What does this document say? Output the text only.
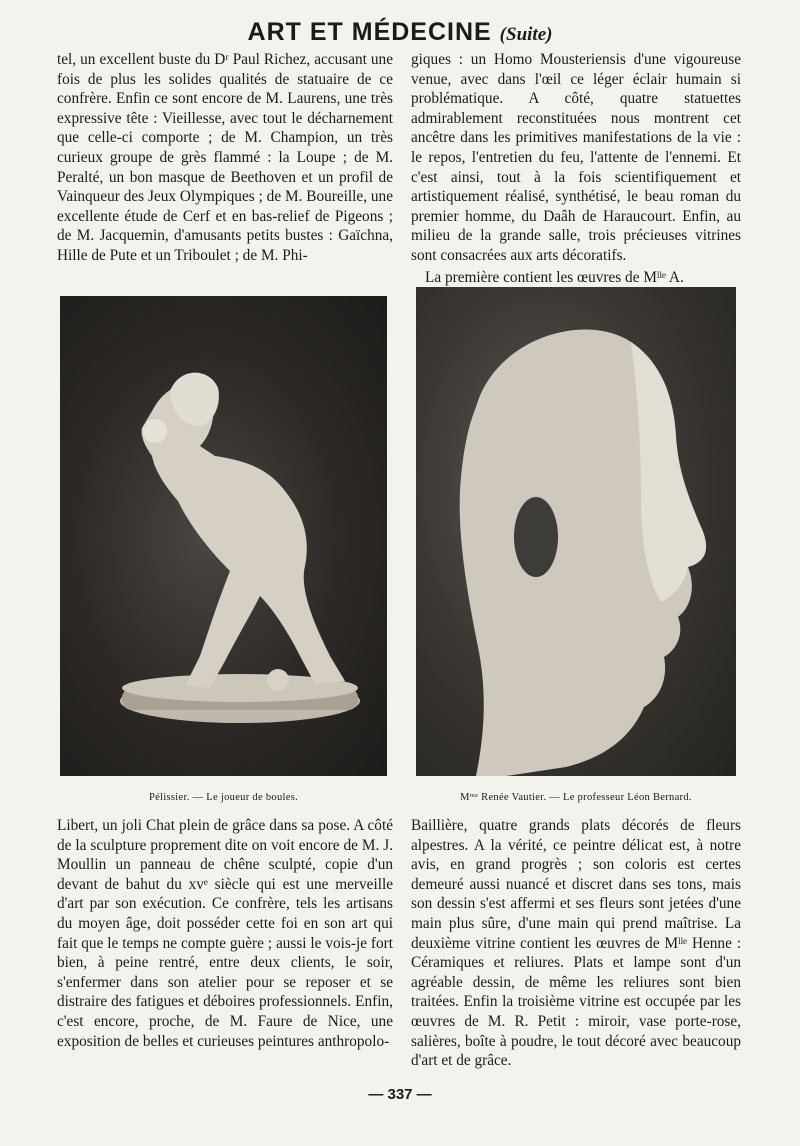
ART ET MÉDECINE (Suite)

tel, un excellent buste du Dʳ Paul Richez, accusant une fois de plus les solides qualités de statuaire de ce confrère. Enfin ce sont encore de M. Laurens, une très expressive tête : Vieillesse, avec tout le décharnement que celle-ci comporte ; de M. Champion, un très curieux groupe de grès flammé : la Loupe ; de M. Peralté, un bon masque de Beethoven et un profil de Vainqueur des Jeux Olympiques ; de M. Boureille, une excellente étude de Cerf et en bas-relief de Pigeons ; de M. Jacquemin, d'amusants petits bustes : Gaïchna, Hille de Pute et un Triboulet ; de M. Phi-

giques : un Homo Mousteriensis d'une vigoureuse venue, avec dans l'œil ce léger éclair humain si problématique. A côté, quatre statuettes admirablement reconstituées nous montrent cet ancêtre dans les primitives manifestations de la vie : le repos, l'entretien du feu, l'attente de l'ennemi. Et c'est ainsi, tout à la fois scientifiquement et artistiquement réalisé, synthétisé, le beau roman du premier homme, du Daâh de Haraucourt. Enfin, au milieu de la grande salle, trois précieuses vitrines sont consacrées aux arts décoratifs.

La première contient les œuvres de Mˡˡᵉ A.

Pélissier. — Le joueur de boules.	Mᵐᵉ Renée Vautier. — Le professeur Léon Bernard.

Libert, un joli Chat plein de grâce dans sa pose. A côté de la sculpture proprement dite on voit encore de M. J. Moullin un panneau de chêne sculpté, copie d'un devant de bahut du xvᵉ siècle qui est une merveille d'art par son exécution. Ce confrère, tels les artisans du moyen âge, doit posséder cette foi en son art qui fait que le temps ne compte guère ; aussi le vois-je fort bien, à peine rentré, entre deux clients, le soir, s'enfermer dans son atelier pour se reposer et se distraire des fatigues et déboires professionnels. Enfin, c'est encore, proche, de M. Faure de Nice, une exposition de belles et curieuses peintures anthropolo-

Baillière, quatre grands plats décorés de fleurs alpestres. A la vérité, ce peintre délicat est, à notre avis, en grand progrès ; son coloris est certes demeuré aussi nuancé et discret dans ses tons, mais son dessin s'est affermi et ses fleurs sont jetées d'une main plus sûre, d'une main qui prend maîtrise. La deuxième vitrine contient les œuvres de Mˡˡᵉ Henne : Céramiques et reliures. Plats et lampe sont d'un agréable dessin, de même les reliures sont bien traitées. Enfin la troisième vitrine est occupée par les œuvres de M. R. Petit : miroir, vase porte-rose, salières, boîte à poudre, le tout décoré avec beaucoup d'art et de grâce.

— 337 —
